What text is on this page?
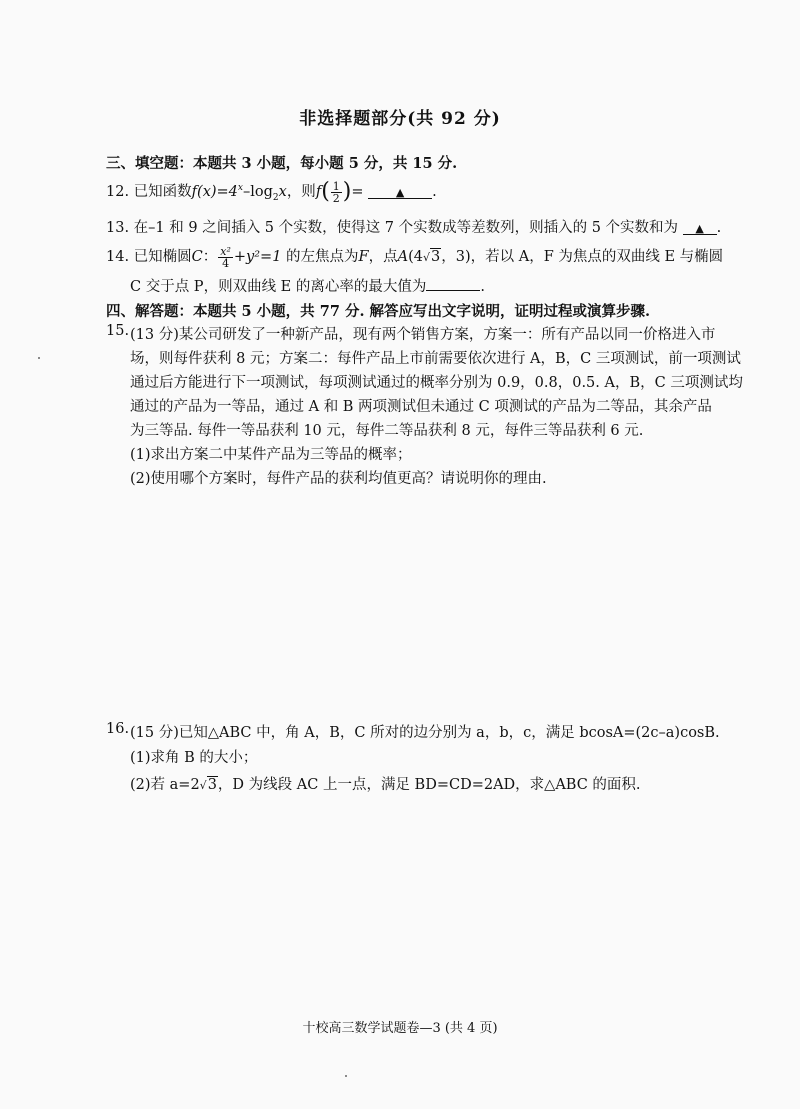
非选择题部分(共 92 分)
三、填空题：本题共 3 小题，每小题 5 分，共 15 分.
12. 已知函数$f(x)=4^x-\log_2x$，则$f( \frac{1}{2}$ )=	▲ .
13. 在–1 和 9 之间插入 5 个实数，使得这 7 个实数成等差数列，则插入的 5 个实数和为 ▲ .
14. 已知椭圆C： $\frac{\text{x²}}{4} +y^2=1$ 的左焦点为F，点A(4√3，3)，若以 A，F 为焦点的双曲线 E 与椭圆
C 交于点 P，则双曲线 E 的离心率的最大值为	.
四、解答题：本题共 5 小题，共 77 分. 解答应写出文字说明，证明过程或演算步骤.
15. (13 分)某公司研发了一种新产品，现有两个销售方案，方案一：所有产品以同一价格进入市
场，则每件获利 8 元；方案二：每件产品上市前需要依次进行 A，B，C 三项测试，前一项测试
通过后方能进行下一项测试，每项测试通过的概率分别为 0.9，0.8，0.5. A，B，C 三项测试均
通过的产品为一等品，通过 A 和 B 两项测试但未通过 C 项测试的产品为二等品，其余产品
为三等品. 每件一等品获利 10 元，每件二等品获利 8 元，每件三等品获利 6 元.
(1)求出方案二中某件产品为三等品的概率；
(2)使用哪个方案时，每件产品的获利均值更高？请说明你的理由.
16. (15 分)已知△ABC 中，角 A，B，C 所对的边分别为 a，b，c，满足 bcosA=(2c–a)cosB.
(1)求角 B 的大小；
(2)若 a=2√3，D 为线段 AC 上一点，满足 BD=CD=2AD，求△ABC 的面积.
十校高三数学试题卷—3 (共 4 页)
